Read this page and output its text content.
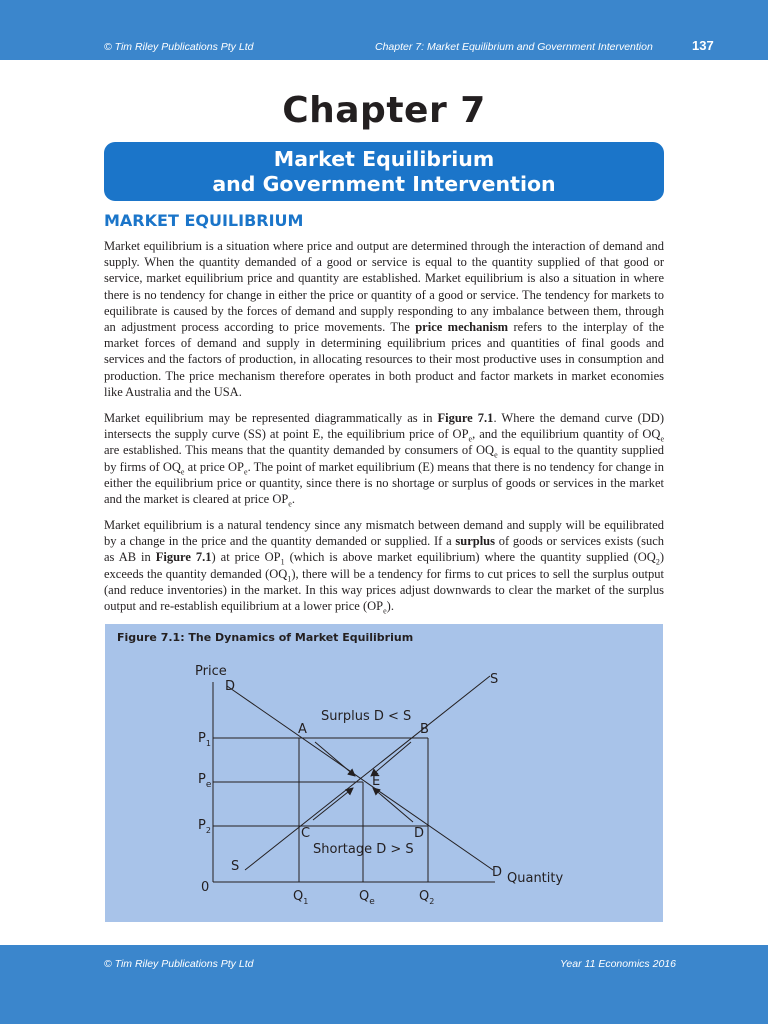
© Tim Riley Publications Pty Ltd	Chapter 7: Market Equilibrium and Government Intervention	137
Chapter 7
Market Equilibrium
and Government Intervention
MARKET EQUILIBRIUM

Market equilibrium is a situation where price and output are determined through the interaction of demand and supply. When the quantity demanded of a good or service is equal to the quantity supplied of that good or service, market equilibrium price and quantity are established. Market equilibrium is also a situation in where there is no tendency for change in either the price or quantity of a good or service. The tendency for markets to equilibrate is caused by the forces of demand and supply responding to any imbalance between them, through an adjustment process according to price movements. The price mechanism refers to the interplay of the market forces of demand and supply in determining equilibrium prices and quantities of final goods and services and the factors of production, in allocating resources to their most productive uses in consumption and production. The price mechanism therefore operates in both product and factor markets in market economies like Australia and the USA.

Market equilibrium may be represented diagrammatically as in Figure 7.1. Where the demand curve (DD) intersects the supply curve (SS) at point E, the equilibrium price of $OP_e$, and the equilibrium quantity of $OQ_e$ are established. This means that the quantity demanded by consumers of $OQ_e$ is equal to the quantity supplied by firms of $OQ_e$ at price $OP_e$. The point of market equilibrium (E) means that there is no tendency for change in either the equilibrium price or quantity, since there is no shortage or surplus of goods or services in the market and the market is cleared at price $OP_e$.

Market equilibrium is a natural tendency since any mismatch between demand and supply will be equilibrated by a change in the price and the quantity demanded or supplied. If a surplus of goods or services exists (such as AB in Figure 7.1) at price $OP_1$ (which is above market equilibrium) where the quantity supplied $(OQ_2)$ exceeds the quantity demanded $(OQ_1)$, there will be a tendency for firms to cut prices to sell the surplus output (and reduce inventories) in the market. In this way prices adjust downwards to clear the market of the surplus output and re-establish equilibrium at a lower price $(OP_e)$.

Figure 7.1: The Dynamics of Market Equilibrium
Price
Quantity
0
D
D
S
S
A	B
C	D
E
Surplus D < S
Shortage D > S
$P_1$
$P_e$
$P_2$
$Q_1$	$Q_e$	$Q_2$
© Tim Riley Publications Pty Ltd	Year 11 Economics 2016
